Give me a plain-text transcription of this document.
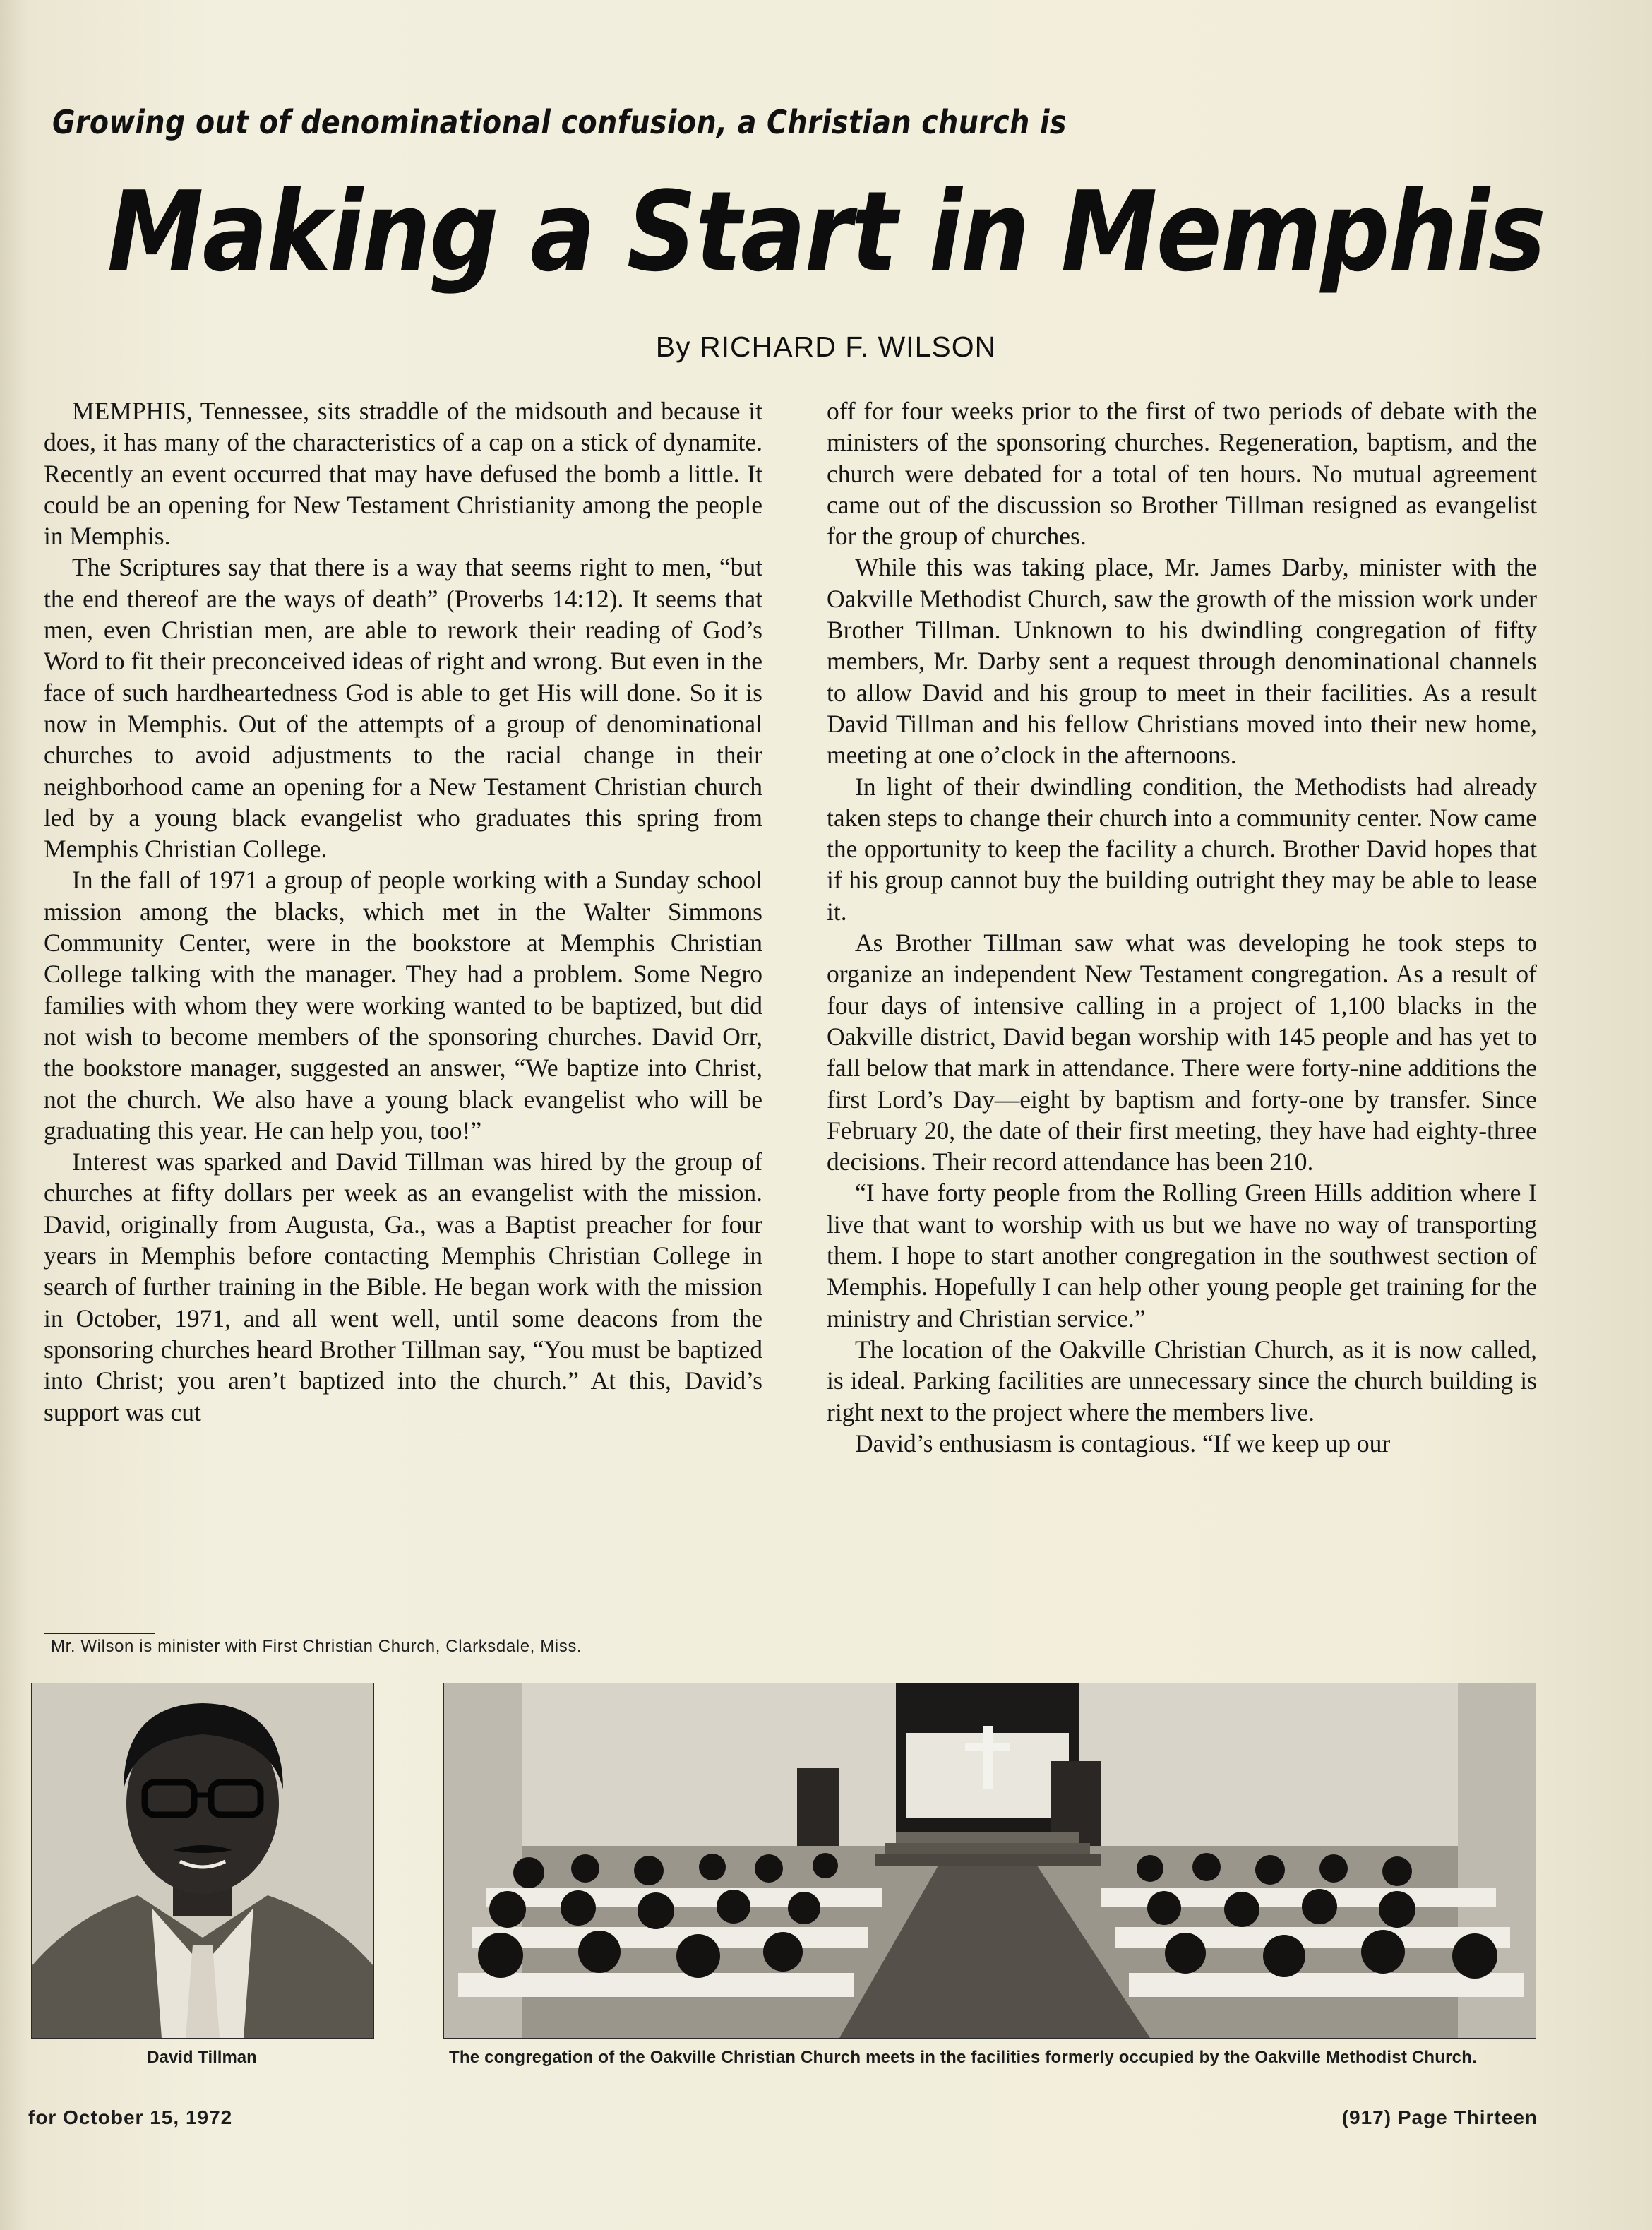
Growing out of denominational confusion, a Christian church is
Making a Start in Memphis
By RICHARD F. WILSON

MEMPHIS, Tennessee, sits straddle of the midsouth and because it does, it has many of the characteristics of a cap on a stick of dynamite. Recently an event occurred that may have defused the bomb a little. It could be an opening for New Testament Christianity among the people in Memphis.

The Scriptures say that there is a way that seems right to men, “but the end thereof are the ways of death” (Proverbs 14:12). It seems that men, even Christian men, are able to rework their reading of God’s Word to fit their preconceived ideas of right and wrong. But even in the face of such hardheartedness God is able to get His will done. So it is now in Memphis. Out of the attempts of a group of denominational churches to avoid adjustments to the racial change in their neighborhood came an opening for a New Testament Christian church led by a young black evangelist who graduates this spring from Memphis Christian College.

In the fall of 1971 a group of people working with a Sunday school mission among the blacks, which met in the Walter Simmons Community Center, were in the bookstore at Memphis Christian College talking with the manager. They had a problem. Some Negro families with whom they were working wanted to be baptized, but did not wish to become members of the sponsoring churches. David Orr, the bookstore manager, suggested an answer, “We baptize into Christ, not the church. We also have a young black evangelist who will be graduating this year. He can help you, too!”

Interest was sparked and David Tillman was hired by the group of churches at fifty dollars per week as an evangelist with the mission. David, originally from Augusta, Ga., was a Baptist preacher for four years in Memphis before contacting Memphis Christian College in search of further training in the Bible. He began work with the mission in October, 1971, and all went well, until some deacons from the sponsoring churches heard Brother Tillman say, “You must be baptized into Christ; you aren’t baptized into the church.” At this, David’s support was cut

off for four weeks prior to the first of two periods of debate with the ministers of the sponsoring churches. Regeneration, baptism, and the church were debated for a total of ten hours. No mutual agreement came out of the discussion so Brother Tillman resigned as evangelist for the group of churches.

While this was taking place, Mr. James Darby, minister with the Oakville Methodist Church, saw the growth of the mission work under Brother Tillman. Unknown to his dwindling congregation of fifty members, Mr. Darby sent a request through denominational channels to allow David and his group to meet in their facilities. As a result David Tillman and his fellow Christians moved into their new home, meeting at one o’clock in the afternoons.

In light of their dwindling condition, the Methodists had already taken steps to change their church into a community center. Now came the opportunity to keep the facility a church. Brother David hopes that if his group cannot buy the building outright they may be able to lease it.

As Brother Tillman saw what was developing he took steps to organize an independent New Testament congregation. As a result of four days of intensive calling in a project of 1,100 blacks in the Oakville district, David began worship with 145 people and has yet to fall below that mark in attendance. There were forty-nine additions the first Lord’s Day—eight by baptism and forty-one by transfer. Since February 20, the date of their first meeting, they have had eighty-three decisions. Their record attendance has been 210.

“I have forty people from the Rolling Green Hills addition where I live that want to worship with us but we have no way of transporting them. I hope to start another congregation in the southwest section of Memphis. Hopefully I can help other young people get training for the ministry and Christian service.”

The location of the Oakville Christian Church, as it is now called, is ideal. Parking facilities are unnecessary since the church building is right next to the project where the members live.

David’s enthusiasm is contagious. “If we keep up our

Mr. Wilson is minister with First Christian Church, Clarksdale, Miss.
David Tillman	The congregation of the Oakville Christian Church meets in the facilities formerly occupied by the Oakville Methodist Church.
for October 15, 1972	(917) Page Thirteen
